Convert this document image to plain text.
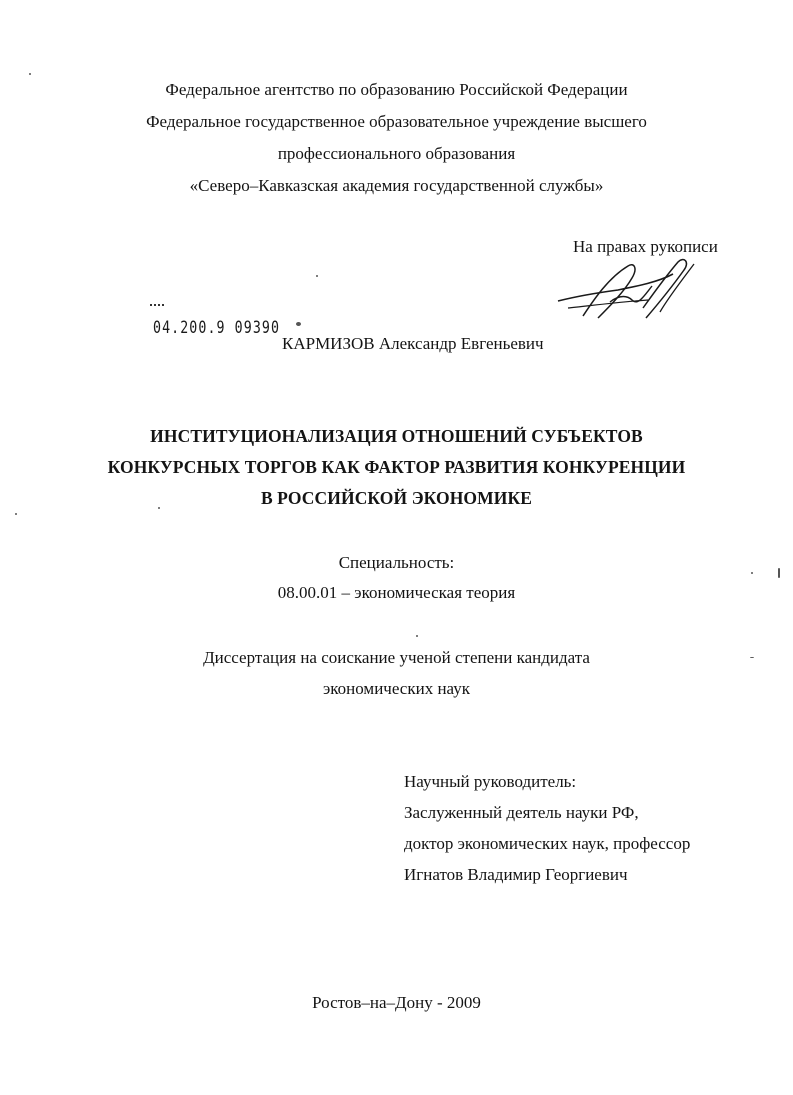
Федеральное агентство по образованию Российской Федерации
Федеральное государственное образовательное учреждение высшего
профессионального образования
«Северо–Кавказская академия государственной службы»
На правах рукописи
04.200.9 09390
КАРМИЗОВ Александр Евгеньевич
ИНСТИТУЦИОНАЛИЗАЦИЯ ОТНОШЕНИЙ СУБЪЕКТОВ
КОНКУРСНЫХ ТОРГОВ КАК ФАКТОР РАЗВИТИЯ КОНКУРЕНЦИИ
В РОССИЙСКОЙ ЭКОНОМИКЕ
Специальность:
08.00.01 – экономическая теория
Диссертация на соискание ученой степени кандидата
экономических наук
Научный руководитель:
Заслуженный деятель науки РФ,
доктор экономических наук, профессор
Игнатов Владимир Георгиевич
Ростов–на–Дону - 2009
